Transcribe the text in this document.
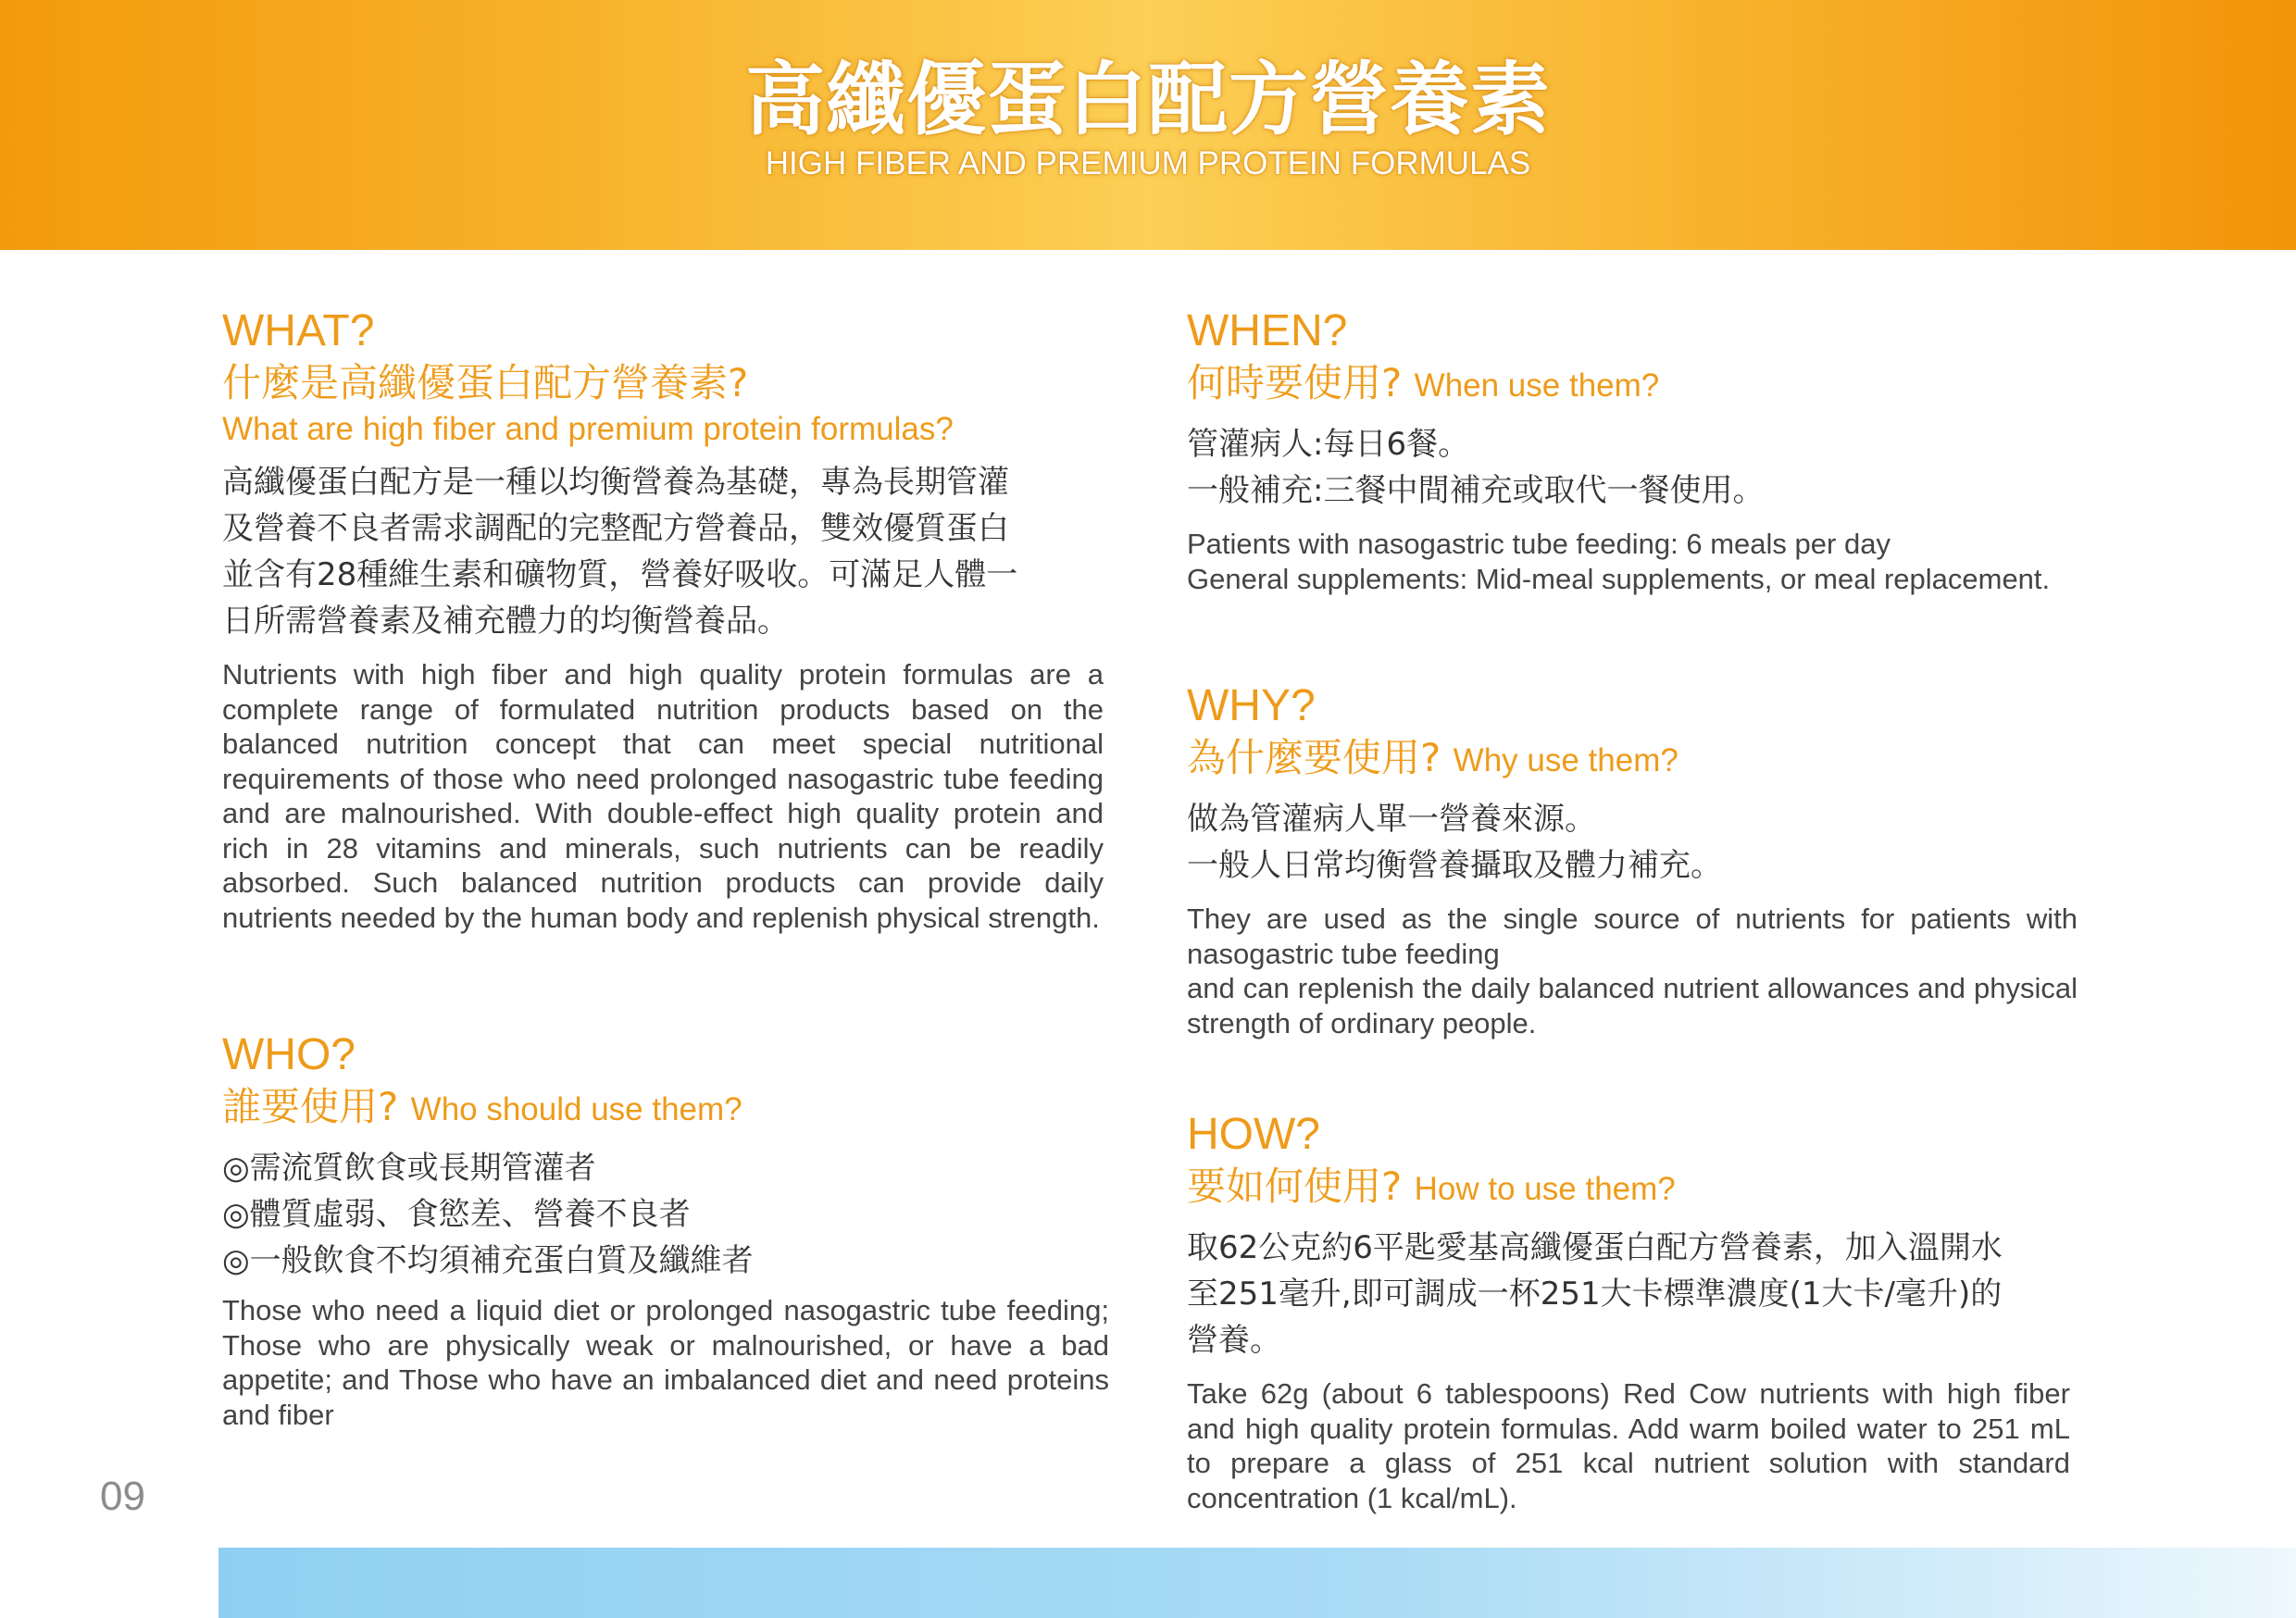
高纖優蛋白配方營養素
HIGH FIBER AND PREMIUM PROTEIN FORMULAS
WHAT?
什麼是高纖優蛋白配方營養素?
What are high fiber and premium protein formulas?
高纖優蛋白配方是一種以均衡營養為基礎，專為長期管灌
及營養不良者需求調配的完整配方營養品，雙效優質蛋白
並含有28種維生素和礦物質，營養好吸收。可滿足人體一
日所需營養素及補充體力的均衡營養品。
Nutrients with high fiber and high quality protein formulas are a complete range of formulated nutrition products based on the balanced nutrition concept that can meet special nutritional requirements of those who need prolonged nasogastric tube feeding and are malnourished. With double-effect high quality protein and rich in 28 vitamins and minerals, such nutrients can be readily absorbed. Such balanced nutrition products can provide daily nutrients needed by the human body and replenish physical strength.
WHO?
誰要使用? Who should use them?
◎需流質飲食或長期管灌者
◎體質虛弱、食慾差、營養不良者
◎一般飲食不均須補充蛋白質及纖維者
Those who need a liquid diet or prolonged nasogastric tube feeding; Those who are physically weak or malnourished, or have a bad appetite; and Those who have an imbalanced diet and need proteins and fiber
WHEN?
何時要使用? When use them?
管灌病人:每日6餐。
一般補充:三餐中間補充或取代一餐使用。
Patients with nasogastric tube feeding: 6 meals per day
General supplements: Mid-meal supplements, or meal replacement.
WHY?
為什麼要使用? Why use them?
做為管灌病人單一營養來源。
一般人日常均衡營養攝取及體力補充。
They are used as the single source of nutrients for patients with nasogastric tube feeding
and can replenish the daily balanced nutrient allowances and physical strength of ordinary people.
HOW?
要如何使用? How to use them?
取62公克約6平匙愛基高纖優蛋白配方營養素，加入溫開水
至251毫升,即可調成一杯251大卡標準濃度(1大卡/毫升)的
營養。
Take 62g (about 6 tablespoons) Red Cow nutrients with high fiber and high quality protein formulas. Add warm boiled water to 251 mL to prepare a glass of 251 kcal nutrient solution with standard concentration (1 kcal/mL).
09
